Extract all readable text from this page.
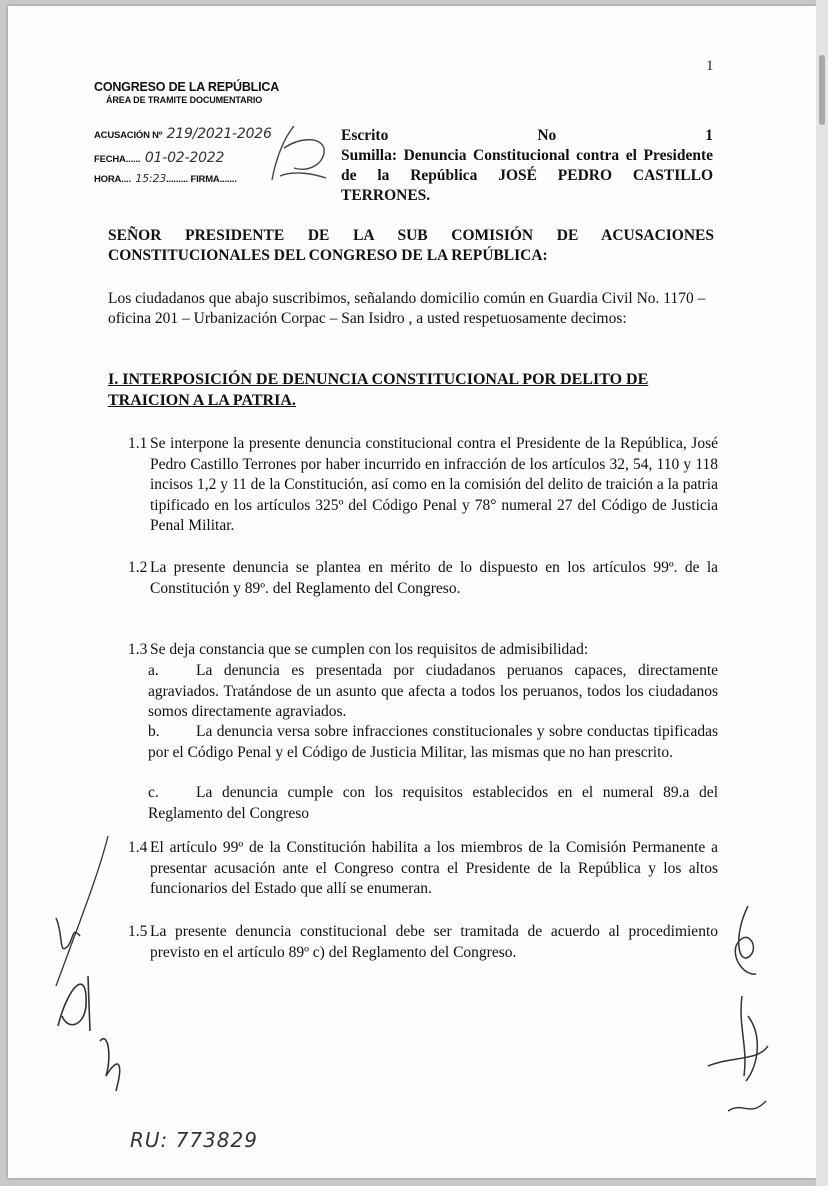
1
CONGRESO DE LA REPÚBLICA
ÁREA DE TRAMITE DOCUMENTARIO
ACUSACIÓN Nº 219/2021-2026
FECHA...... 01-02-2022
HORA.... 15:23......... FIRMA.......
Escrito	No	1
Sumilla: Denuncia Constitucional contra el Presidente de la República JOSÉ PEDRO CASTILLO TERRONES.
SEÑOR PRESIDENTE DE LA SUB COMISIÓN DE ACUSACIONES CONSTITUCIONALES DEL CONGRESO DE LA REPÚBLICA:
Los ciudadanos que abajo suscribimos, señalando domicilio común en Guardia Civil No. 1170 – oficina 201 – Urbanización Corpac – San Isidro , a usted respetuosamente decimos:
I. INTERPOSICIÓN DE DENUNCIA CONSTITUCIONAL POR DELITO DE TRAICION A LA PATRIA.
1.1 Se interpone la presente denuncia constitucional contra el Presidente de la República, José Pedro Castillo Terrones por haber incurrido en infracción de los artículos 32, 54, 110 y 118 incisos 1,2 y 11 de la Constitución, así como en la comisión del delito de traición a la patria tipificado en los artículos 325º del Código Penal y 78° numeral 27 del Código de Justicia Penal Militar.
1.2 La presente denuncia se plantea en mérito de lo dispuesto en los artículos 99º. de la Constitución y 89º. del Reglamento del Congreso.
1.3 Se deja constancia que se cumplen con los requisitos de admisibilidad:
a. La denuncia es presentada por ciudadanos peruanos capaces, directamente agraviados. Tratándose de un asunto que afecta a todos los peruanos, todos los ciudadanos somos directamente agraviados.
b. La denuncia versa sobre infracciones constitucionales y sobre conductas tipificadas por el Código Penal y el Código de Justicia Militar, las mismas que no han prescrito.
c. La denuncia cumple con los requisitos establecidos en el numeral 89.a del Reglamento del Congreso
1.4 El artículo 99º de la Constitución habilita a los miembros de la Comisión Permanente a presentar acusación ante el Congreso contra el Presidente de la República y los altos funcionarios del Estado que allí se enumeran.
1.5 La presente denuncia constitucional debe ser tramitada de acuerdo al procedimiento previsto en el artículo 89º c) del Reglamento del Congreso.
RU: 773829
